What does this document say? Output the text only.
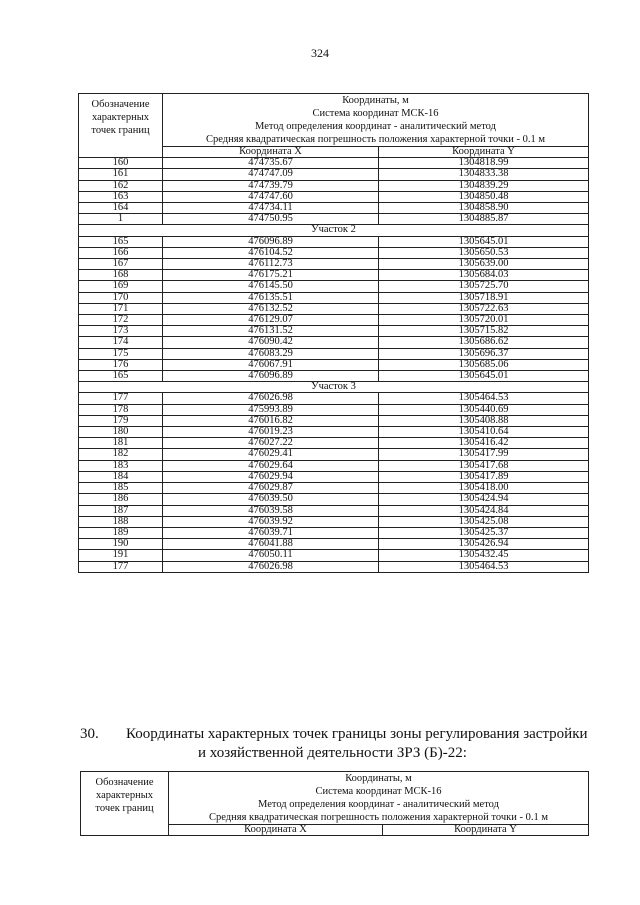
324
Обозначение характерных точек границ	Координаты, м
Система координат МСК-16
Метод определения координат - аналитический метод
Средняя квадратическая погрешность положения характерной точки - 0.1 м	

	Координата X	Координата Y
160	474735.67	1304818.99
161	474747.09	1304833.38
162	474739.79	1304839.29
163	474747.60	1304850.48
164	474734.11	1304858.90
1	474750.95	1304885.87
Участок 2		
165	476096.89	1305645.01
166	476104.52	1305650.53
167	476112.73	1305639.00
168	476175.21	1305684.03
169	476145.50	1305725.70
170	476135.51	1305718.91
171	476132.52	1305722.63
172	476129.07	1305720.01
173	476131.52	1305715.82
174	476090.42	1305686.62
175	476083.29	1305696.37
176	476067.91	1305685.06
165	476096.89	1305645.01
Участок 3		
177	476026.98	1305464.53
178	475993.89	1305440.69
179	476016.82	1305408.88
180	476019.23	1305410.64
181	476027.22	1305416.42
182	476029.41	1305417.99
183	476029.64	1305417.68
184	476029.94	1305417.89
185	476029.87	1305418.00
186	476039.50	1305424.94
187	476039.58	1305424.84
188	476039.92	1305425.08
189	476039.71	1305425.37
190	476041.88	1305426.94
191	476050.11	1305432.45
177	476026.98	1305464.53
30. Координаты характерных точек границы зоны регулирования застройки
и хозяйственной деятельности ЗРЗ (Б)-22:
Обозначение характерных точек границ	Координаты, м
Система координат МСК-16
Метод определения координат - аналитический метод
Средняя квадратическая погрешность положения характерной точки - 0.1 м	

	Координата X	Координата Y
